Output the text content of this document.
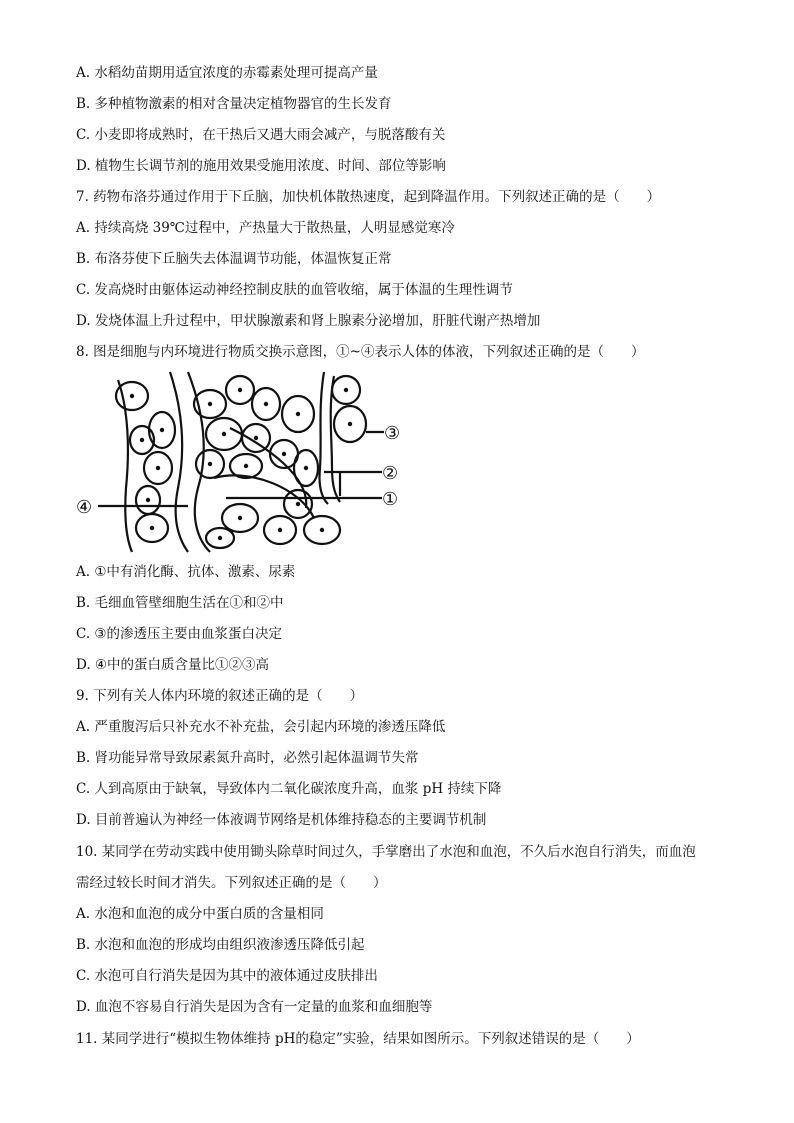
A. 水稻幼苗期用适宜浓度的赤霉素处理可提高产量
B. 多种植物激素的相对含量决定植物器官的生长发育
C. 小麦即将成熟时，在干热后又遇大雨会减产，与脱落酸有关
D. 植物生长调节剂的施用效果受施用浓度、时间、部位等影响
7. 药物布洛芬通过作用于下丘脑，加快机体散热速度，起到降温作用。下列叙述正确的是（　　）
A. 持续高烧 39℃过程中，产热量大于散热量，人明显感觉寒冷
B. 布洛芬使下丘脑失去体温调节功能，体温恢复正常
C. 发高烧时由躯体运动神经控制皮肤的血管收缩，属于体温的生理性调节
D. 发烧体温上升过程中，甲状腺激素和肾上腺素分泌增加，肝脏代谢产热增加
8. 图是细胞与内环境进行物质交换示意图，①~④表示人体的体液，下列叙述正确的是（　　）
③
②
①
④
A. ①中有消化酶、抗体、激素、尿素
B. 毛细血管壁细胞生活在①和②中
C. ③的渗透压主要由血浆蛋白决定
D. ④中的蛋白质含量比①②③高
9. 下列有关人体内环境的叙述正确的是（　　）
A. 严重腹泻后只补充水不补充盐，会引起内环境的渗透压降低
B. 肾功能异常导致尿素氮升高时，必然引起体温调节失常
C. 人到高原由于缺氧，导致体内二氧化碳浓度升高，血浆 pH 持续下降
D. 目前普遍认为神经一体液调节网络是机体维持稳态的主要调节机制
10. 某同学在劳动实践中使用锄头除草时间过久，手掌磨出了水泡和血泡，不久后水泡自行消失，而血泡
需经过较长时间才消失。下列叙述正确的是（　　）
A. 水泡和血泡的成分中蛋白质的含量相同
B. 水泡和血泡的形成均由组织液渗透压降低引起
C. 水泡可自行消失是因为其中的液体通过皮肤排出
D. 血泡不容易自行消失是因为含有一定量的血浆和血细胞等
11. 某同学进行“模拟生物体维持 pH的稳定”实验，结果如图所示。下列叙述错误的是（　　）
